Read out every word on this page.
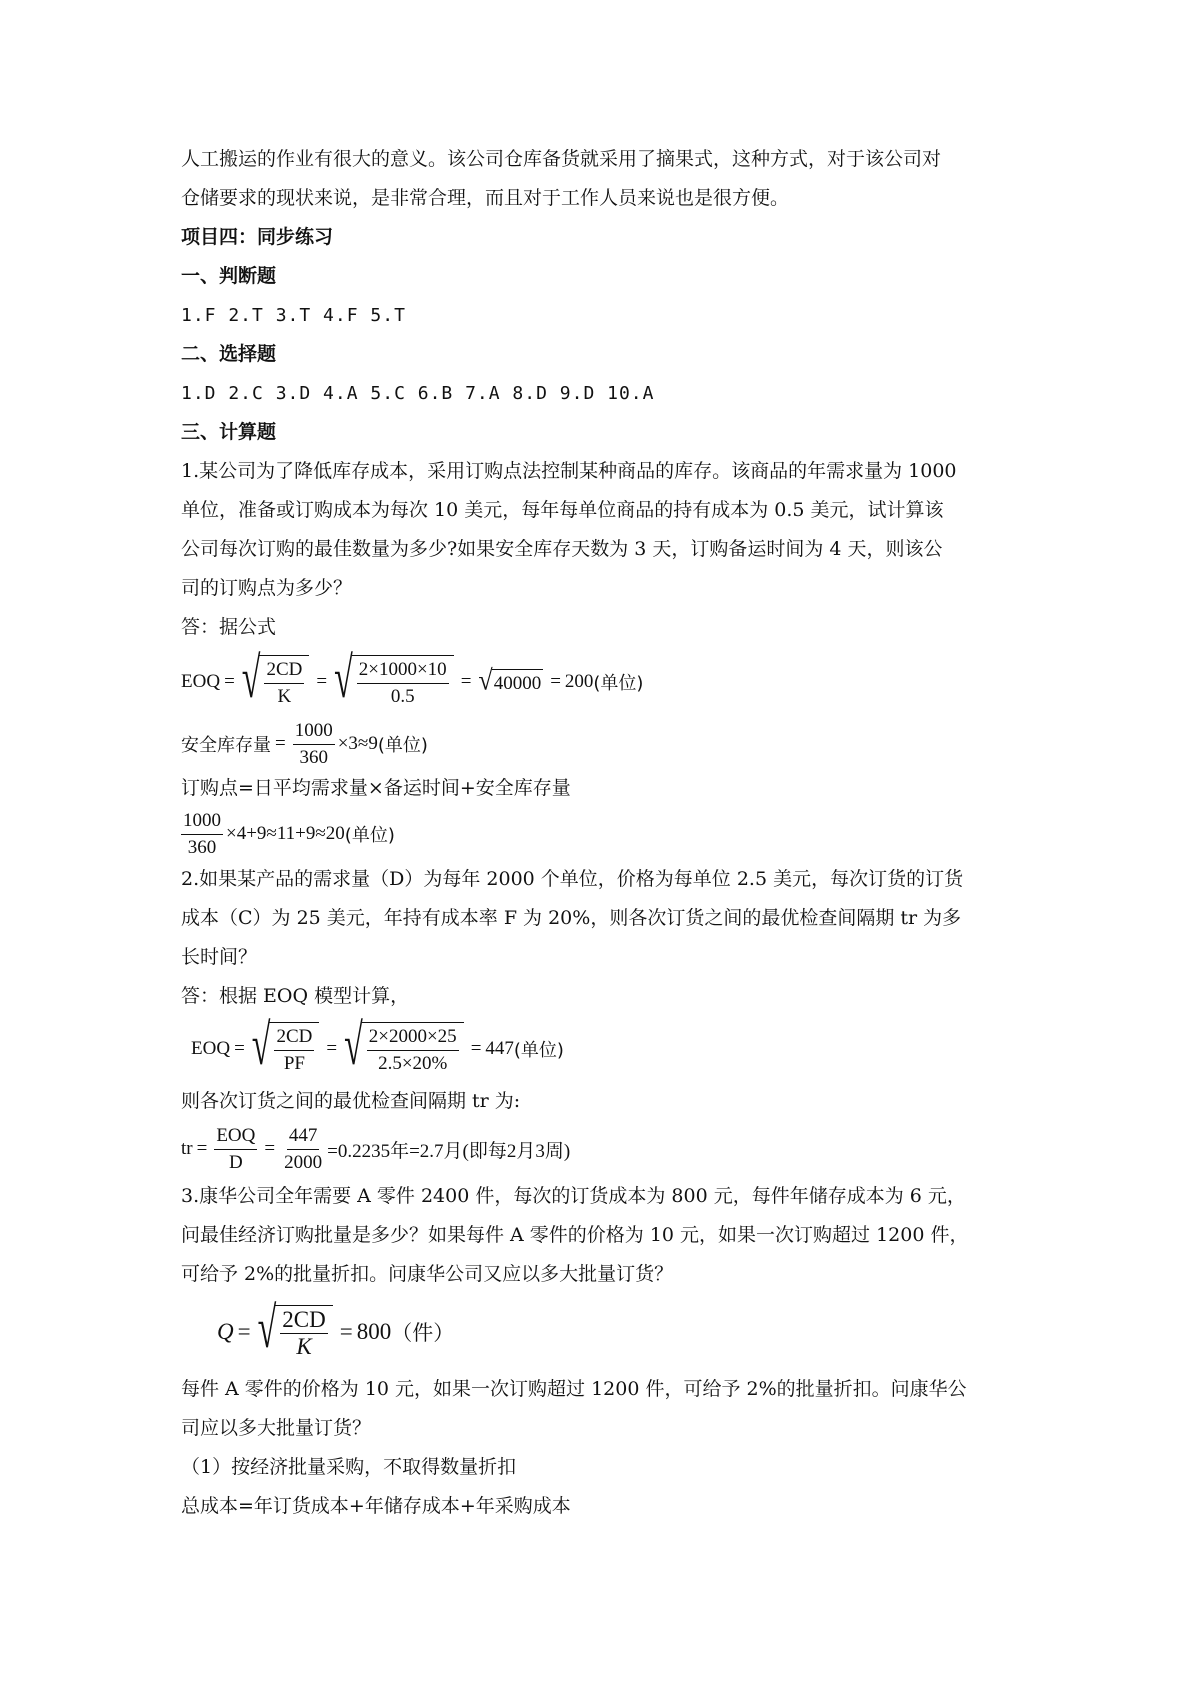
人工搬运的作业有很大的意义。该公司仓库备货就采用了摘果式，这种方式，对于该公司对

仓储要求的现状来说，是非常合理，而且对于工作人员来说也是很方便。

项目四：同步练习

一、判断题

1.F 2.T 3.T 4.F 5.T

二、选择题

1.D 2.C 3.D 4.A 5.C 6.B 7.A 8.D 9.D 10.A

三、计算题

1.某公司为了降低库存成本，采用订购点法控制某种商品的库存。该商品的年需求量为 1000

单位，准备或订购成本为每次 10 美元，每年每单位商品的持有成本为 0.5 美元，试计算该

公司每次订购的最佳数量为多少?如果安全库存天数为 3 天，订购备运时间为 4 天，则该公

司的订购点为多少？

答：据公式

EOQ = √ $\frac{2CD}{K}$ = √ $\frac{2\times 1000\times 10}{0.5}$ = √ 40000 = 200 (单位)
安全库存量 = $\frac{1000}{360} \times 3\approx 9$ (单位)

订购点=日平均需求量×备运时间+安全库存量

$\frac{1000}{360} \times 4+9\approx 11+9\approx 20$ (单位)

2.如果某产品的需求量（D）为每年 2000 个单位，价格为每单位 2.5 美元，每次订货的订货

成本（C）为 25 美元，年持有成本率 F 为 20%，则各次订货之间的最优检查间隔期 tr 为多

长时间？

答：根据 EOQ 模型计算，

EOQ = √ $\frac{2CD}{PF}$ = √ $\frac{2\times 2000\times 25}{2.5\times 20\%} = 447$ (单位)

则各次订货之间的最优检查间隔期 tr 为:

tr = $\frac{\text{EOQ}}{D} = \frac{447}{2000} =0.2235$年=2.7月(即每2月3周)

3.康华公司全年需要 A 零件 2400 件，每次的订货成本为 800 元，每件年储存成本为 6 元，

问最佳经济订购批量是多少？如果每件 A 零件的价格为 10 元，如果一次订购超过 1200 件，

可给予 2%的批量折扣。问康华公司又应以多大批量订货？

Q = √ $\frac{2CD}{K} = 800$ （件）

每件 A 零件的价格为 10 元，如果一次订购超过 1200 件，可给予 2%的批量折扣。问康华公

司应以多大批量订货？

（1）按经济批量采购，不取得数量折扣

总成本=年订货成本+年储存成本+年采购成本
